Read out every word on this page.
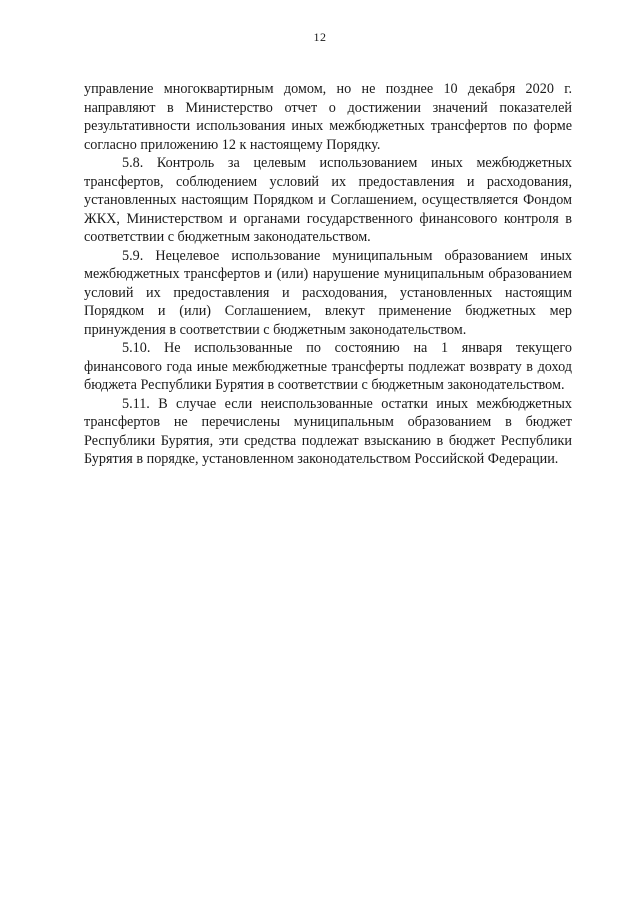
12

управление многоквартирным домом, но не позднее 10 декабря 2020 г. направляют в Министерство отчет о достижении значений показателей результативности использования иных межбюджетных трансфертов по форме согласно приложению 12 к настоящему Порядку.

5.8. Контроль за целевым использованием иных межбюджетных трансфертов, соблюдением условий их предоставления и расходования, установленных настоящим Порядком и Соглашением, осуществляется Фондом ЖКХ, Министерством и органами государственного финансового контроля в соответствии с бюджетным законодательством.

5.9. Нецелевое использование муниципальным образованием иных межбюджетных трансфертов и (или) нарушение муниципальным образованием условий их предоставления и расходования, установленных настоящим Порядком и (или) Соглашением, влекут применение бюджетных мер принуждения в соответствии с бюджетным законодательством.

5.10. Не использованные по состоянию на 1 января текущего финансового года иные межбюджетные трансферты подлежат возврату в доход бюджета Республики Бурятия в соответствии с бюджетным законодательством.

5.11. В случае если неиспользованные остатки иных межбюджетных трансфертов не перечислены муниципальным образованием в бюджет Республики Бурятия, эти средства подлежат взысканию в бюджет Республики Бурятия в порядке, установленном законодательством Российской Федерации.
